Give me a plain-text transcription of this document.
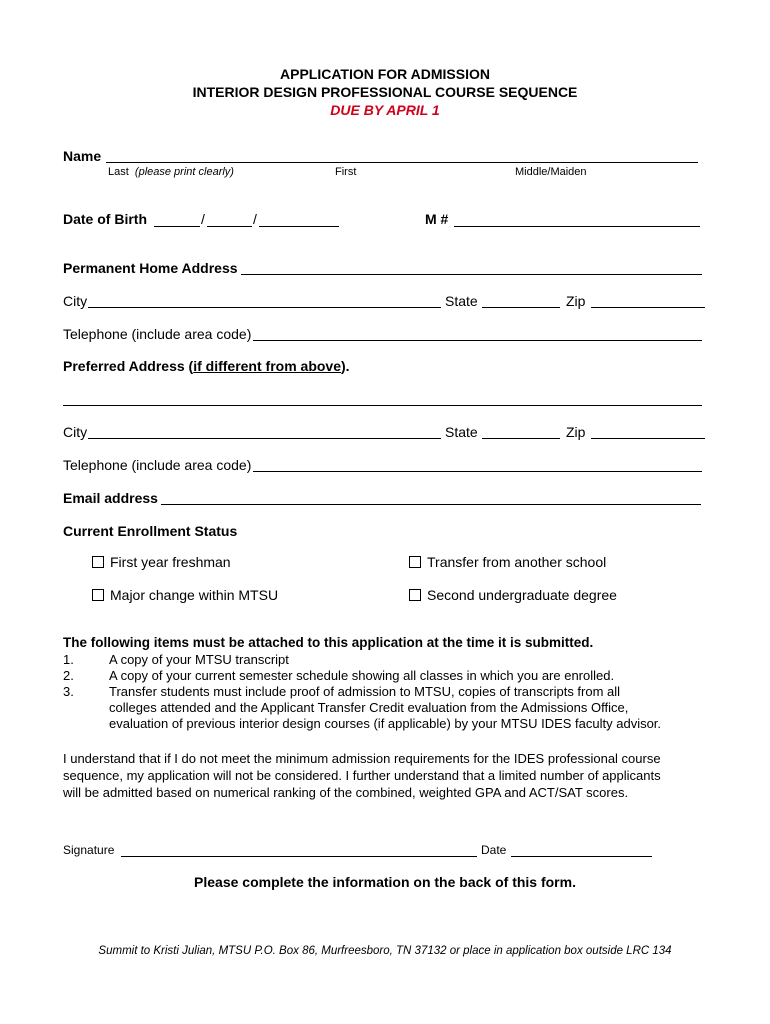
APPLICATION FOR ADMISSION
INTERIOR DESIGN PROFESSIONAL COURSE SEQUENCE
DUE BY APRIL 1
Name
Last (please print clearly)	First	Middle/Maiden
Date of Birth	/	/	M #
Permanent Home Address
City	State	Zip
Telephone (include area code)
Preferred Address (if different from above).
City	State	Zip
Telephone (include area code)
Email address
Current Enrollment Status
First year freshman	Transfer from another school
Major change within MTSU	Second undergraduate degree
The following items must be attached to this application at the time it is submitted.
1.	A copy of your MTSU transcript
2.	A copy of your current semester schedule showing all classes in which you are enrolled.
3.	Transfer students must include proof of admission to MTSU, copies of transcripts from all
colleges attended and the Applicant Transfer Credit evaluation from the Admissions Office,
evaluation of previous interior design courses (if applicable) by your MTSU IDES faculty advisor.
I understand that if I do not meet the minimum admission requirements for the IDES professional course
sequence, my application will not be considered. I further understand that a limited number of applicants
will be admitted based on numerical ranking of the combined, weighted GPA and ACT/SAT scores.
Signature	Date
Please complete the information on the back of this form.
Summit to Kristi Julian, MTSU P.O. Box 86, Murfreesboro, TN 37132 or place in application box outside LRC 134
